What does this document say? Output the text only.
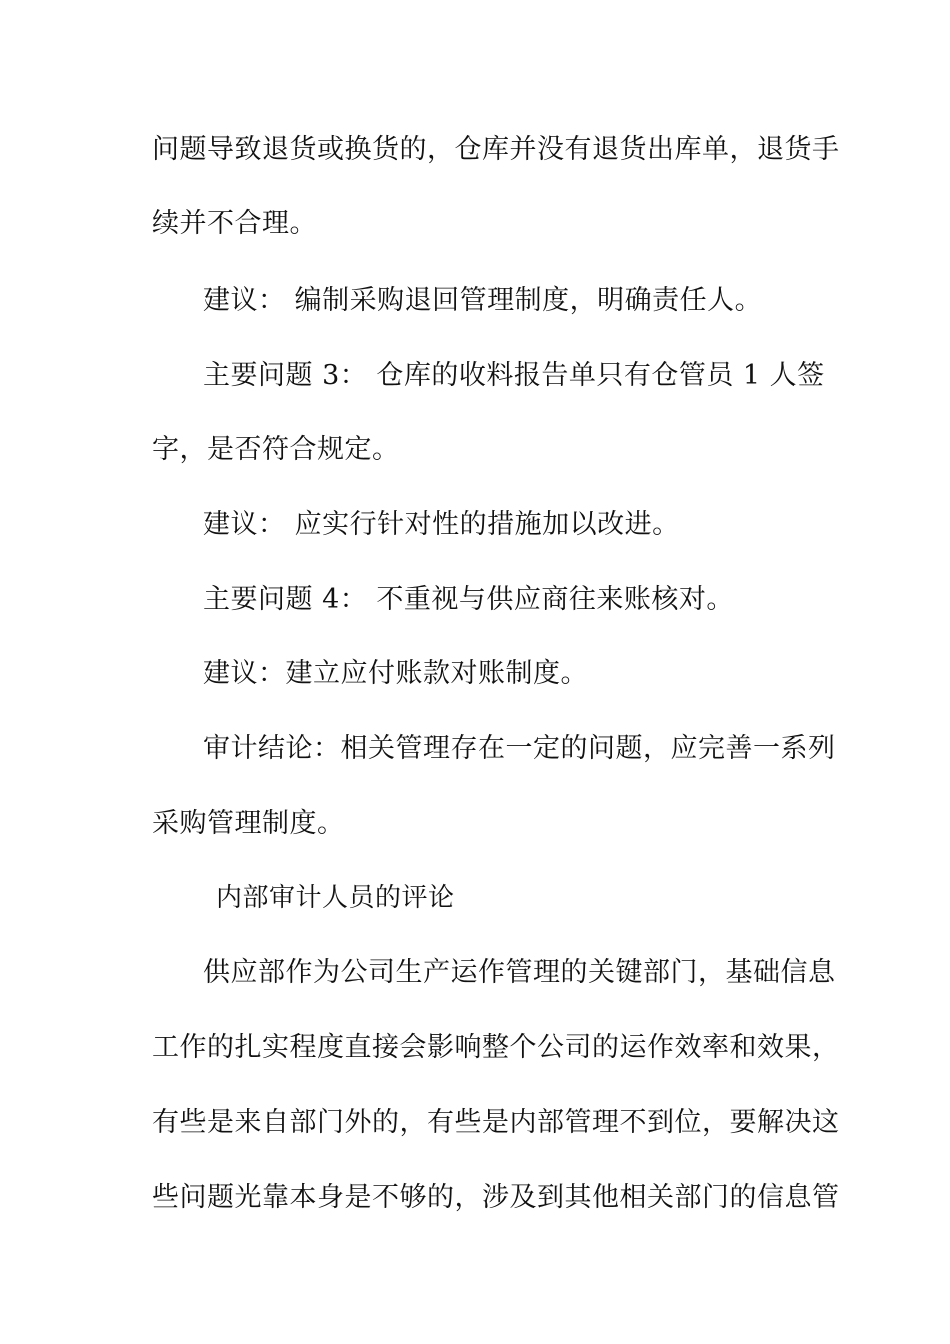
问题导致退货或换货的，仓库并没有退货出库单，退货手
续并不合理。
建议： 编制采购退回管理制度，明确责任人。
主要问题 3： 仓库的收料报告单只有仓管员 1 人签
字，是否符合规定。
建议： 应实行针对性的措施加以改进。
主要问题 4： 不重视与供应商往来账核对。
建议：建立应付账款对账制度。
审计结论：相关管理存在一定的问题，应完善一系列
采购管理制度。
内部审计人员的评论
供应部作为公司生产运作管理的关键部门，基础信息
工作的扎实程度直接会影响整个公司的运作效率和效果，
有些是来自部门外的，有些是内部管理不到位，要解决这
些问题光靠本身是不够的，涉及到其他相关部门的信息管
